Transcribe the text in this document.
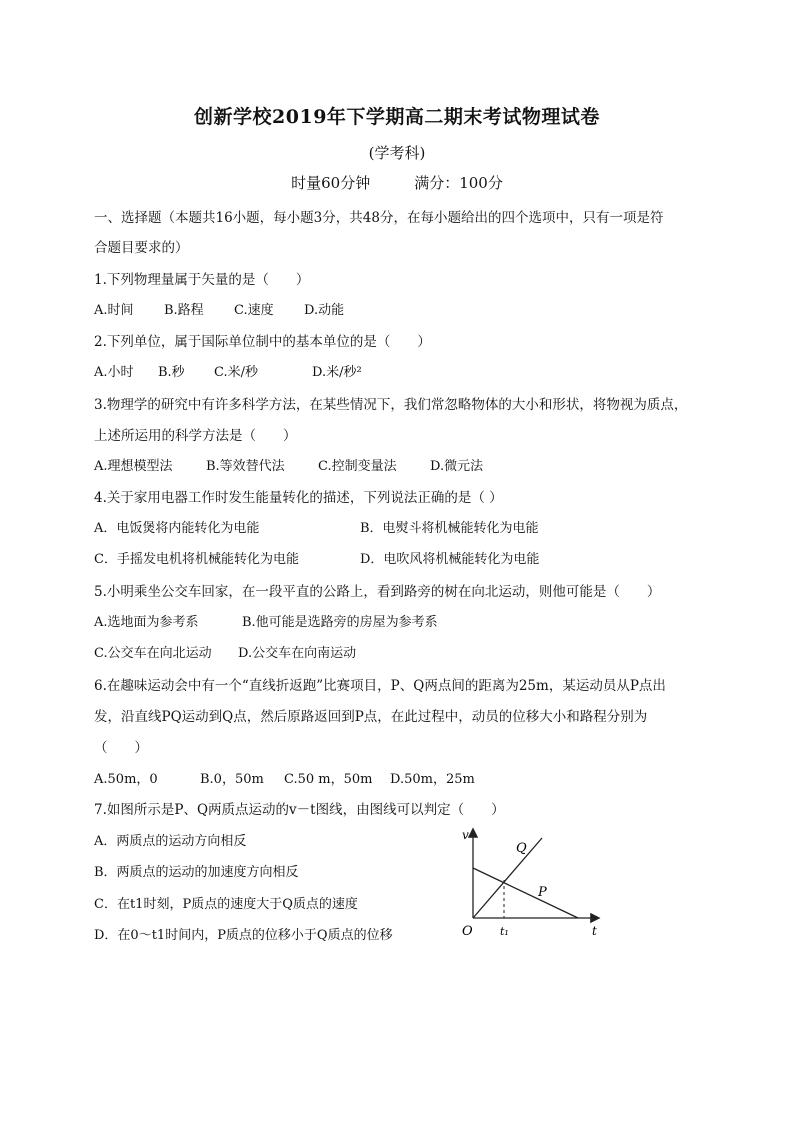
创新学校2019年下学期高二期末考试物理试卷
(学考科)
时量60分钟	满分：100分
一、选择题（本题共16小题，每小题3分，共48分，在每小题给出的四个选项中，只有一项是符
合题目要求的）
1.下列物理量属于矢量的是（　　）
A.时间 B.路程 C.速度 D.动能
2.下列单位，属于国际单位制中的基本单位的是（　　）
A.小时 B.秒 C.米/秒	D.米/秒²
3.物理学的研究中有许多科学方法，在某些情况下，我们常忽略物体的大小和形状，将物视为质点，
上述所运用的科学方法是（　　）
A.理想模型法	B.等效替代法	C.控制变量法	D.微元法
4.关于家用电器工作时发生能量转化的描述，下列说法正确的是（ ）
A．电饭煲将内能转化为电能	B．电熨斗将机械能转化为电能
C．手摇发电机将机械能转化为电能	D．电吹风将机械能转化为电能
5.小明乘坐公交车回家，在一段平直的公路上，看到路旁的树在向北运动，则他可能是（　　）
A.选地面为参考系	B.他可能是选路旁的房屋为参考系
C.公交车在向北运动 D.公交车在向南运动
6.在趣味运动会中有一个“直线折返跑”比赛项目，P、Q两点间的距离为25m，某运动员从P点出
发，沿直线PQ运动到Q点，然后原路返回到P点，在此过程中，动员的位移大小和路程分别为
（　　）
A.50m，0	B.0，50m C.50 m，50m D.50m，25m
7.如图所示是P、Q两质点运动的v－t图线，由图线可以判定（　　）
A．两质点的运动方向相反
B．两质点的运动的加速度方向相反
C．在t1时刻，P质点的速度大于Q质点的速度
D．在0～t1时间内，P质点的位移小于Q质点的位移
v
t
O t₁
Q
P
